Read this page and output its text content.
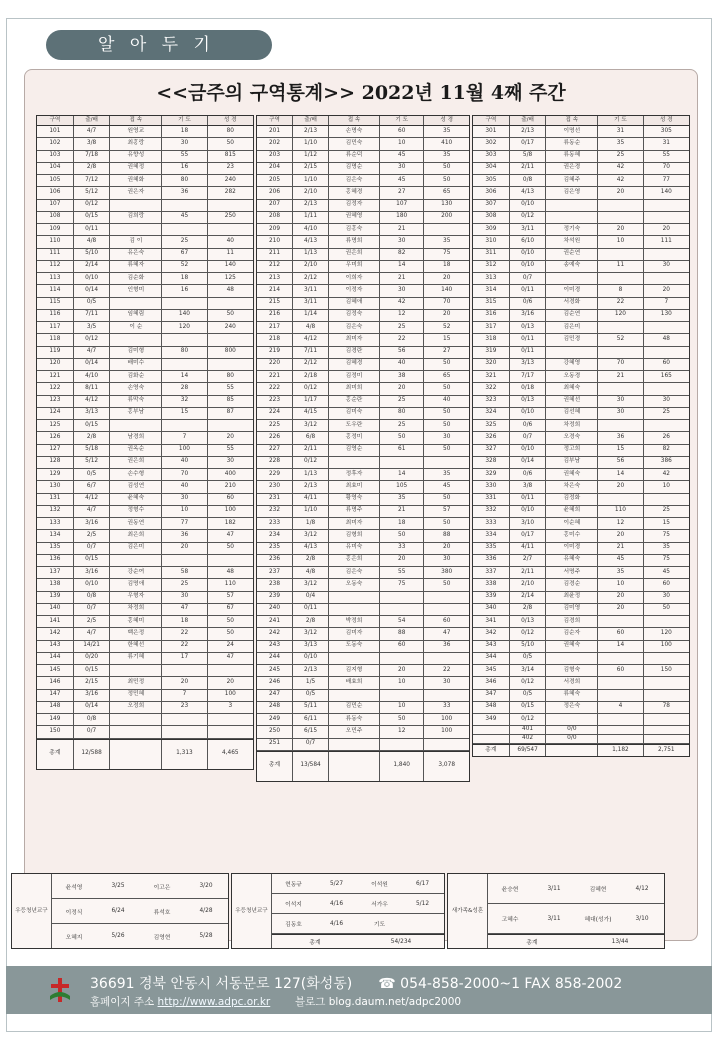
알 아 두 기
<<금주의 구역통계>> 2022년 11월 4째 주간
구역	출/배	접 속	기 도	성 경
101	4/7	원영교	18	80
102	3/8	최홍랑	30	50
103	7/18	유향성	55	815
104	2/8	권혜정	16	23
105	7/12	권혜화	80	240
106	5/12	권은자	36	282
107	0/12
108	0/15	김희랑	45	250
109	0/11
110	4/8	김 이	25	40
111	5/10	유은숙	67	11
112	2/14	류혜자	52	140
113	0/10	김순화	18	125
114	0/14	인형미	16	48
115	0/5
116	7/11	임혜림	140	50
117	3/5	이 순	120	240
118	0/12
119	4/7	김미형	80	800
120	0/14	배미수
121	4/10	김화순	14	80
122	8/11	손영숙	28	55
123	4/12	류막숙	32	85
124	3/13	홍부남	15	87
125	0/15
126	2/8	남경희	7	20
127	5/18	권옥순	100	55
128	5/12	권은희	40	30
129	0/5	손수형	70	400
130	6/7	김성연	40	210
131	4/12	윤혜숙	30	60
132	4/7	정형수	10	100
133	3/16	권동연	77	182
134	2/5	최은희	36	47
135	0/7	김은미	20	50
136	0/15
137	3/16	강순여	58	48
138	0/10	김명애	25	110
139	0/8	우형자	30	57
140	0/7	차정희	47	67
141	2/5	홍혜미	18	50
142	4/7	백은정	22	50
143	14/21	한혜선	22	24
144	0/20	류기혜	17	47
145	0/15
146	2/15	최민정	20	20
147	3/16	정민혜	7	100
148	0/14	오정희	23	3
149	0/8
150	0/7
총계	12/588	1,313	4,465
구역	출/배	접 속	기 도	성 경
201	2/13	손명숙	60	35
202	1/10	김민숙	10	410
203	1/12	류순덕	45	35
204	2/15	김명순	30	50
205	1/10	김은숙	45	50
206	2/10	홍혜경	27	65
207	2/13	김정자	107	130
208	1/11	권혜영	180	200
209	4/10	김홍숙	21
210	4/13	류명희	30	35
211	1/13	권은희	82	75
212	2/10	우미희	14	18
213	2/12	이희자	21	20
214	3/11	이정자	30	140
215	3/11	김혜애	42	70
216	1/14	김정숙	12	20
217	4/8	김은숙	25	52
218	4/12	최미자	22	15
219	7/11	김경란	56	27
220	2/12	김혜경	40	50
221	2/18	김정미	38	65
222	0/12	최미희	20	50
223	1/17	홍순란	25	40
224	4/15	김미숙	80	50
225	3/12	도우란	25	50
226	6/8	홍정미	50	30
227	2/11	김영순	61	50
228	0/12
229	1/13	정후자	14	35
230	2/13	최효미	105	45
231	4/11	황영숙	35	50
232	1/10	류명주	21	57
233	1/8	최미자	18	50
234	3/12	김형희	50	88
235	4/13	유미숙	33	20
236	2/8	홍은희	20	30
237	4/8	김은숙	55	380
238	3/12	오동숙	75	50
239	0/4
240	0/11
241	2/8	박정희	54	60
242	3/12	김미자	88	47
243	3/13	도동숙	60	36
244	0/10
245	2/13	김지형	20	22
246	1/5	배효희	10	30
247	0/5
248	5/11	김민순	10	33
249	6/11	류동숙	50	100
250	6/15	오민주	12	100
251	0/7
총계	13/584	1,840	3,078
구역	출/배	접 속	기 도	성 경
301	2/13	이명선	31	305
302	0/17	류동순	35	31
303	5/8	류동혜	25	55
304	2/11	권은경	42	70
305	0/8	김혜주	42	77
306	4/13	김은영	20	140
307	0/10
308	0/12
309	3/11	정기숙	20	20
310	6/10	차석원	10	111
311	0/10	권순연
312	0/10	송예숙	11	30
313	0/7
314	0/11	이미경	8	20
315	0/6	서경화	22	7
316	3/16	김순연	120	130
317	0/13	김은미
318	0/11	김민경	52	48
319	0/11
320	3/13	강혜영	70	60
321	7/17	오동경	21	165
322	0/18	최혜숙
323	0/13	권혜선	30	30
324	0/10	김선혜	30	25
325	0/6	차정희
326	0/7	오경숙	36	26
327	0/10	정고희	15	82
328	0/14	김부남	56	386
329	0/6	권혜숙	14	42
330	3/8	차은숙	20	10
331	0/11	김정화
332	0/10	윤혜희	110	25
333	3/10	이순혜	12	15
334	0/17	홍미수	20	75
335	4/11	이미경	21	35
336	2/7	유혜숙	45	75
337	2/11	서명주	35	45
338	2/10	김경순	10	60
339	2/14	최윤정	20	30
340	2/8	김미영	20	50
341	0/13	김경희
342	0/12	김순자	60	120
343	5/10	권혜숙	14	100
344	0/5
345	3/14	김형숙	60	150
346	0/12	서경희
347	0/5	류혜숙
348	0/15	정은숙	4	78
349	0/12
401	0/0
402	0/0
총계	69/547	1,182	2,751
우등청년교구
윤석영	3/25	이고은	3/20
이정식	6/24	류석호	4/28
오혜지	5/26	김영현	5/28
우등청년교구
현동규	5/27	이석원	6/17
이석지	4/16	서가우	5/12
김동호	4/16	기도
총계	54/234
새가족&성혼
윤승현	3/11	김혜현	4/12
고혜수	3/11	혜대(성가)	3/10
총계	13/44
36691 경북 안동시 서동문로 127(화성동) ☎ 054-858-2000~1 FAX 858-2002
홈페이지 주소 http://www.adpc.or.kr 블로그 blog.daum.net/adpc2000
